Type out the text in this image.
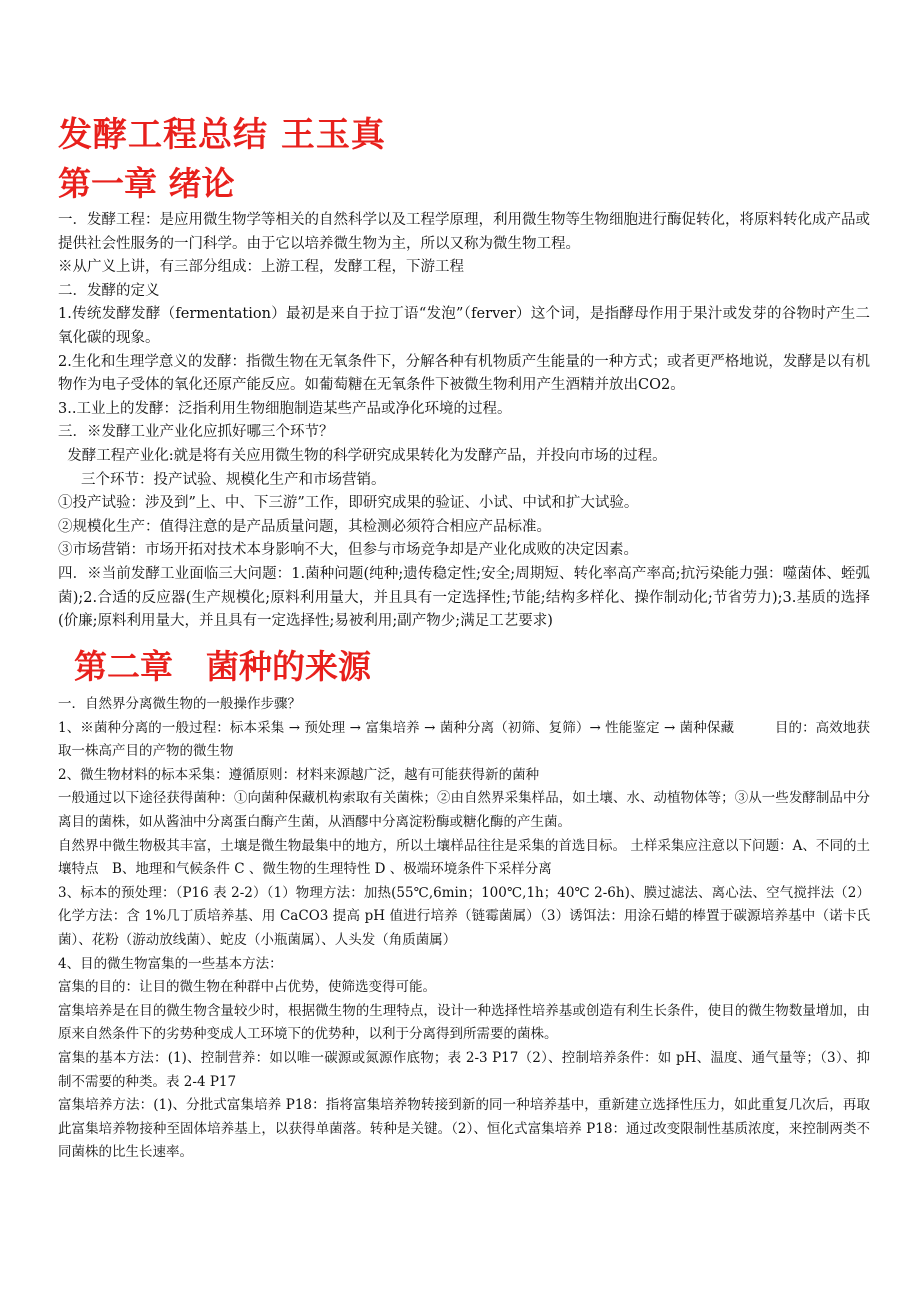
发酵工程总结 王玉真
第一章 绪论

一．发酵工程：是应用微生物学等相关的自然科学以及工程学原理，利用微生物等生物细胞进行酶促转化，将原料转化成产品或提供社会性服务的一门科学。由于它以培养微生物为主，所以又称为微生物工程。

※从广义上讲，有三部分组成：上游工程，发酵工程，下游工程

二．发酵的定义

1.传统发酵发酵（fermentation）最初是来自于拉丁语“发泡”（ferver）这个词，是指酵母作用于果汁或发芽的谷物时产生二氧化碳的现象。

2.生化和生理学意义的发酵：指微生物在无氧条件下，分解各种有机物质产生能量的一种方式；或者更严格地说，发酵是以有机物作为电子受体的氧化还原产能反应。如葡萄糖在无氧条件下被微生物利用产生酒精并放出CO2。

3..工业上的发酵：泛指利用生物细胞制造某些产品或净化环境的过程。

三．※发酵工业产业化应抓好哪三个环节？

发酵工程产业化:就是将有关应用微生物的科学研究成果转化为发酵产品，并投向市场的过程。

三个环节：投产试验、规模化生产和市场营销。

①投产试验：涉及到”上、中、下三游”工作，即研究成果的验证、小试、中试和扩大试验。

②规模化生产：值得注意的是产品质量问题，其检测必须符合相应产品标准。

③市场营销：市场开拓对技术本身影响不大，但参与市场竞争却是产业化成败的决定因素。

四．※当前发酵工业面临三大问题：1.菌种问题(纯种;遗传稳定性;安全;周期短、转化率高产率高;抗污染能力强：噬菌体、蛭弧菌);2.合适的反应器(生产规模化;原料利用量大，并且具有一定选择性;节能;结构多样化、操作制动化;节省劳力);3.基质的选择(价廉;原料利用量大，并且具有一定选择性;易被利用;副产物少;满足工艺要求)

第二章　菌种的来源

一．自然界分离微生物的一般操作步骤？

1、※菌种分离的一般过程：标本采集 → 预处理 → 富集培养 → 菌种分离（初筛、复筛）→ 性能鉴定 → 菌种保藏　　　目的：高效地获取一株高产目的产物的微生物

2、微生物材料的标本采集：遵循原则：材料来源越广泛，越有可能获得新的菌种

一般通过以下途径获得菌种：①向菌种保藏机构索取有关菌株；②由自然界采集样品，如土壤、水、动植物体等；③从一些发酵制品中分离目的菌株，如从酱油中分离蛋白酶产生菌，从酒醪中分离淀粉酶或糖化酶的产生菌。

自然界中微生物极其丰富，土壤是微生物最集中的地方，所以土壤样品往往是采集的首选目标。 土样采集应注意以下问题：A、不同的土壤特点　B、地理和气候条件 C 、微生物的生理特性 D 、极端环境条件下采样分离

3、标本的预处理：（P16 表 2-2）（1）物理方法：加热(55℃,6min；100℃,1h；40℃ 2-6h)、膜过滤法、离心法、空气搅拌法（2）化学方法：含 1%几丁质培养基、用 CaCO3 提高 pH 值进行培养（链霉菌属）（3）诱饵法：用涂石蜡的棒置于碳源培养基中（诺卡氏菌）、花粉（游动放线菌）、蛇皮（小瓶菌属）、人头发（角质菌属）

4、目的微生物富集的一些基本方法：

富集的目的：让目的微生物在种群中占优势，使筛选变得可能。

富集培养是在目的微生物含量较少时，根据微生物的生理特点，设计一种选择性培养基或创造有利生长条件，使目的微生物数量增加，由原来自然条件下的劣势种变成人工环境下的优势种，以利于分离得到所需要的菌株。

富集的基本方法：(1)、控制营养：如以唯一碳源或氮源作底物；表 2-3 P17（2）、控制培养条件：如 pH、温度、通气量等；（3）、抑制不需要的种类。表 2-4 P17

富集培养方法：(1)、分批式富集培养 P18：指将富集培养物转接到新的同一种培养基中，重新建立选择性压力，如此重复几次后，再取此富集培养物接种至固体培养基上，以获得单菌落。转种是关键。（2）、恒化式富集培养 P18：通过改变限制性基质浓度，来控制两类不同菌株的比生长速率。
